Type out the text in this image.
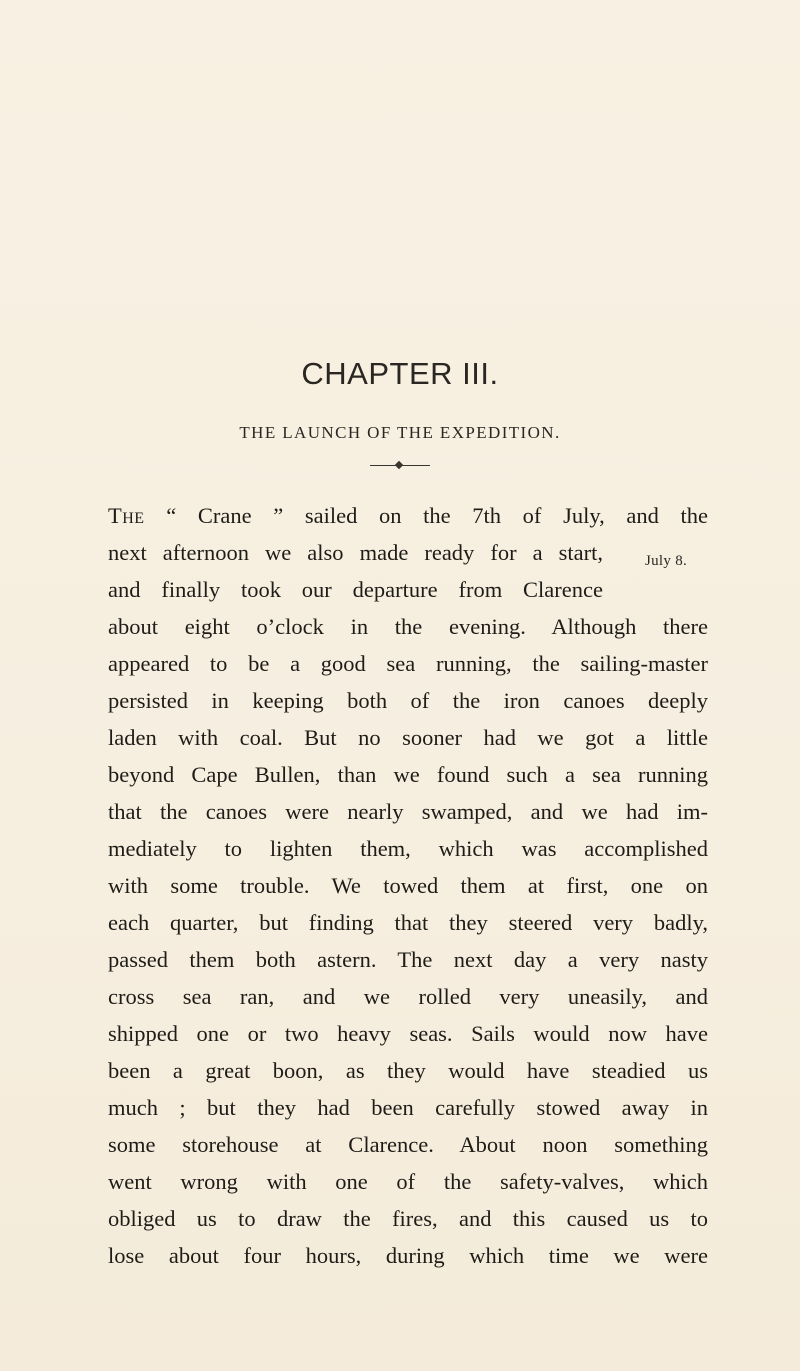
CHAPTER III.
THE LAUNCH OF THE EXPEDITION.
July 8.
The “ Crane ” sailed on the 7th of July, and the
next afternoon we also made ready for a start,
and finally took our departure from Clarence
about eight o’clock in the evening. Although there
appeared to be a good sea running, the sailing-master
persisted in keeping both of the iron canoes deeply
laden with coal. But no sooner had we got a little
beyond Cape Bullen, than we found such a sea running
that the canoes were nearly swamped, and we had im-
mediately to lighten them, which was accomplished
with some trouble. We towed them at first, one on
each quarter, but finding that they steered very badly,
passed them both astern. The next day a very nasty
cross sea ran, and we rolled very uneasily, and
shipped one or two heavy seas. Sails would now have
been a great boon, as they would have steadied us
much ; but they had been carefully stowed away in
some storehouse at Clarence. About noon something
went wrong with one of the safety-valves, which
obliged us to draw the fires, and this caused us to
lose about four hours, during which time we were
